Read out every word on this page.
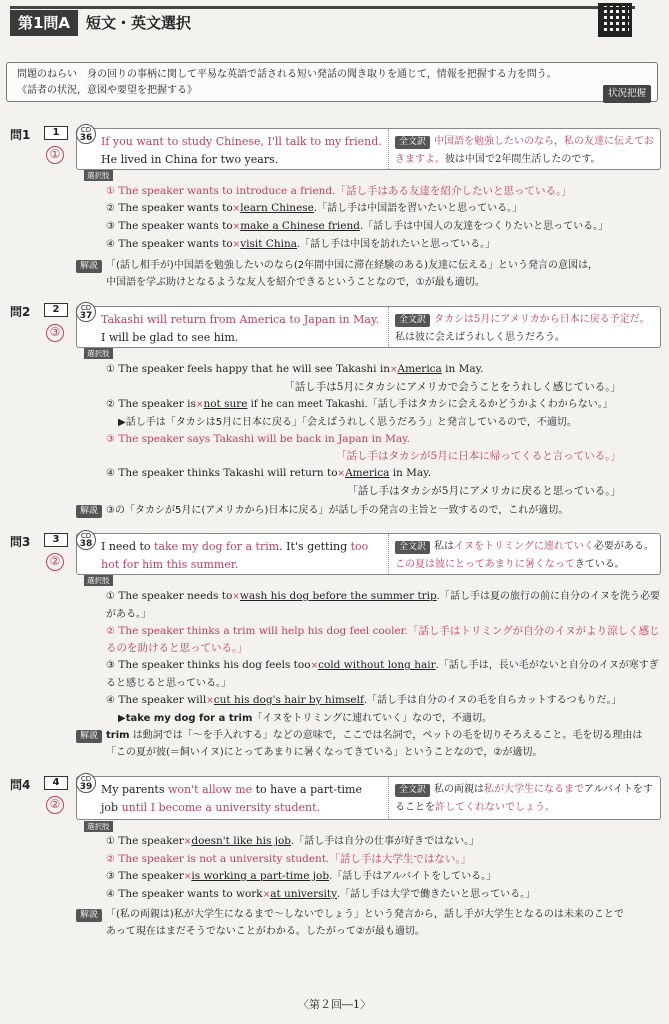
第1問A	短文・英文選択
問題のねらい　身の回りの事柄に関して平易な英語で話される短い発話の聞き取りを通じて，情報を把握する力を問う。
《話者の状況，意図や要望を把握する》	状況把握
問1	1
①
If you want to study Chinese, I'll talk to my friend. He lived in China for two years.
全文訳 中国語を勉強したいのなら，私の友達に伝えておきますよ。彼は中国で2年間生活したのです。
CD
36
選択肢
① The speaker wants to introduce a friend.「話し手はある友達を紹介したいと思っている。」
② The speaker wants to×learn Chinese.「話し手は中国語を習いたいと思っている。」
③ The speaker wants to×make a Chinese friend.「話し手は中国人の友達をつくりたいと思っている。」
④ The speaker wants to×visit China.「話し手は中国を訪れたいと思っている。」
解説 「(話し相手が)中国語を勉強したいのなら(2年間中国に滞在経験のある)友達に伝える」という発言の意図は，
中国語を学ぶ助けとなるような友人を紹介できるということなので，①が最も適切。
問2	2
③
Takashi will return from America to Japan in May. I will be glad to see him.
全文訳 タカシは5月にアメリカから日本に戻る予定だ。私は彼に会えばうれしく思うだろう。
CD
37
選択肢
① The speaker feels happy that he will see Takashi in×America in May.
「話し手は5月にタカシにアメリカで会うことをうれしく感じている。」
② The speaker is×not sure if he can meet Takashi.「話し手はタカシに会えるかどうかよくわからない。」
▶話し手は「タカシは5月に日本に戻る」「会えばうれしく思うだろう」と発言しているので，不適切。
③ The speaker says Takashi will be back in Japan in May.
「話し手はタカシが5月に日本に帰ってくると言っている。」
④ The speaker thinks Takashi will return to×America in May.
「話し手はタカシが5月にアメリカに戻ると思っている。」
解説 ③の「タカシが5月に(アメリカから)日本に戻る」が話し手の発言の主旨と一致するので，これが適切。
問3	3
②
I need to take my dog for a trim. It's getting too hot for him this summer.
全文訳 私はイヌをトリミングに連れていく必要がある。この夏は彼にとってあまりに暑くなってきている。
CD
38
選択肢
① The speaker needs to×wash his dog before the summer trip.「話し手は夏の旅行の前に自分のイヌを洗う必要がある。」
② The speaker thinks a trim will help his dog feel cooler.「話し手はトリミングが自分のイヌがより涼しく感じるのを助けると思っている。」
③ The speaker thinks his dog feels too×cold without long hair.「話し手は，長い毛がないと自分のイヌが寒すぎると感じると思っている。」
④ The speaker will×cut his dog's hair by himself.「話し手は自分のイヌの毛を自らカットするつもりだ。」
▶take my dog for a trim「イヌをトリミングに連れていく」なので，不適切。
解説 trim は動詞では「〜を手入れする」などの意味で，ここでは名詞で，ペットの毛を切りそろえること。毛を切る理由は
「この夏が彼(＝飼いイヌ)にとってあまりに暑くなってきている」ということなので，②が適切。
問4	4
②
My parents won't allow me to have a part-time job until I become a university student.
全文訳 私の両親は私が大学生になるまでアルバイトをすることを許してくれないでしょう。
CD
39
選択肢
① The speaker×doesn't like his job.「話し手は自分の仕事が好きではない。」
② The speaker is not a university student.「話し手は大学生ではない。」
③ The speaker×is working a part-time job.「話し手はアルバイトをしている。」
④ The speaker wants to work×at university.「話し手は大学で働きたいと思っている。」
解説 「(私の両親は)私が大学生になるまで〜しないでしょう」という発言から，話し手が大学生となるのは未来のことで
あって現在はまだそうでないことがわかる。したがって②が最も適切。
〈第２回―1〉
